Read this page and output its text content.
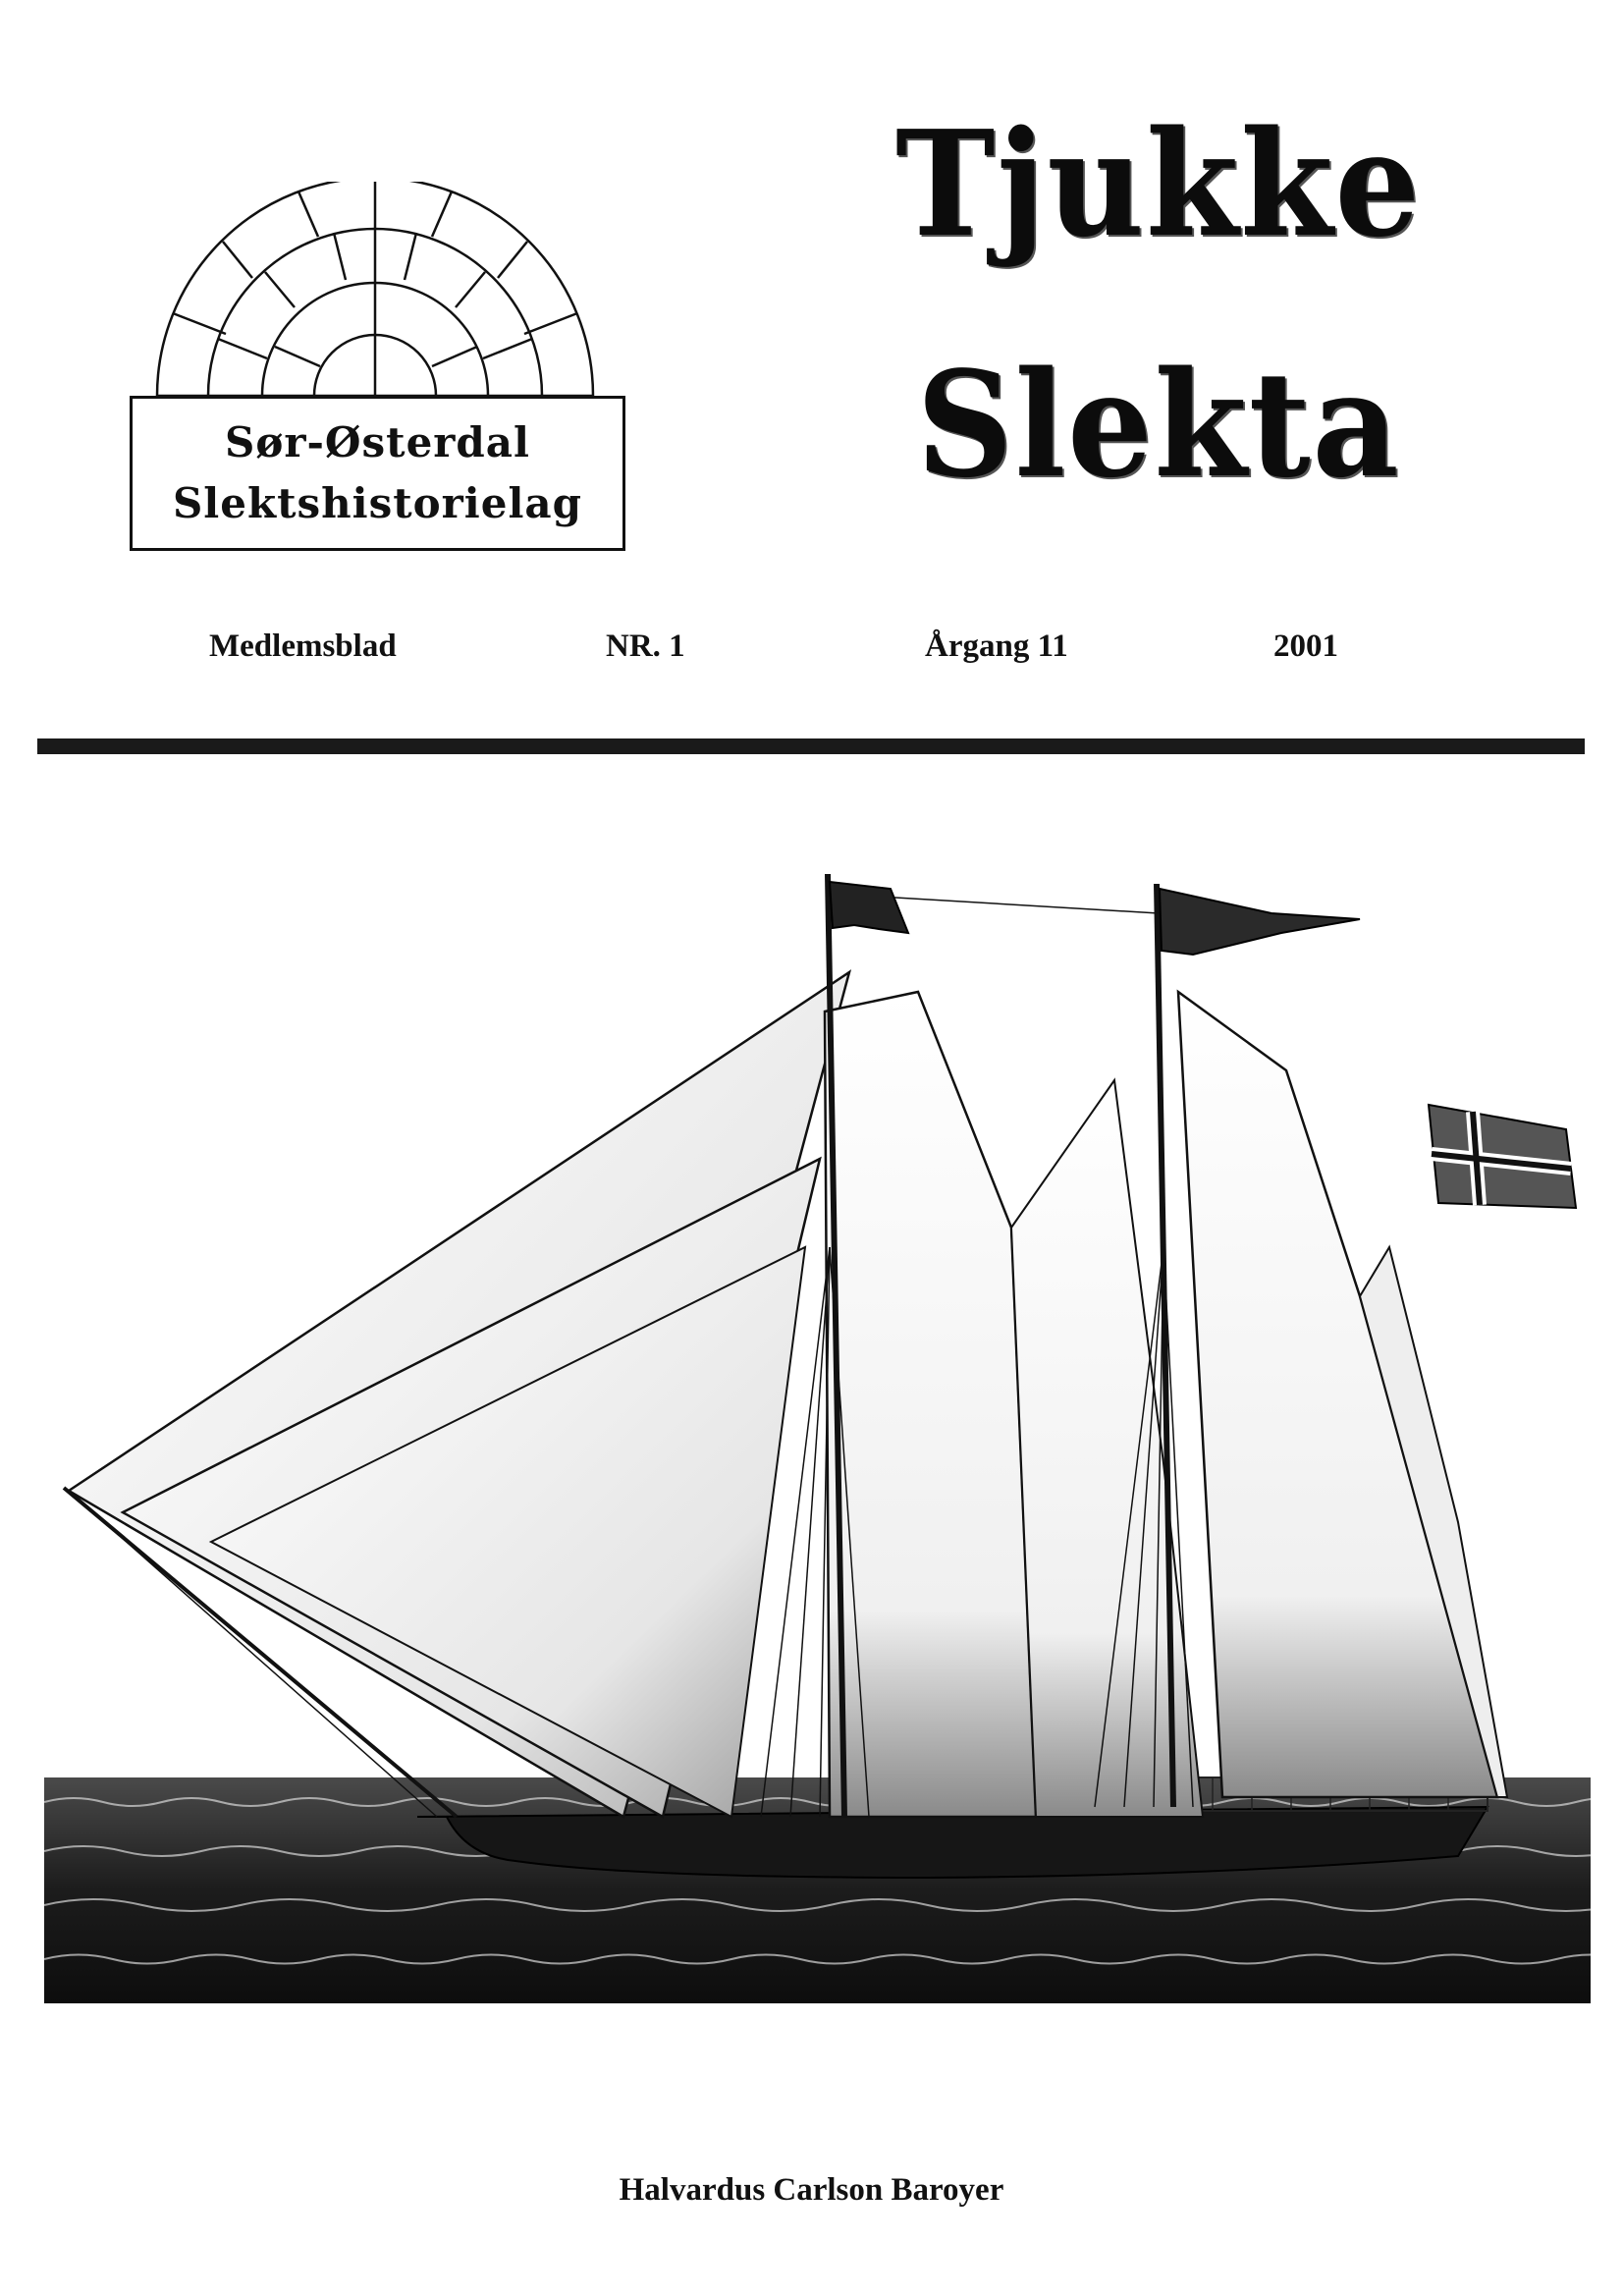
Sør-Østerdal
Slektshistorielag
Tjukke
Slekta
Medlemsblad	NR. 1	Årgang 11	2001
Halvardus Carlson Baroyer
